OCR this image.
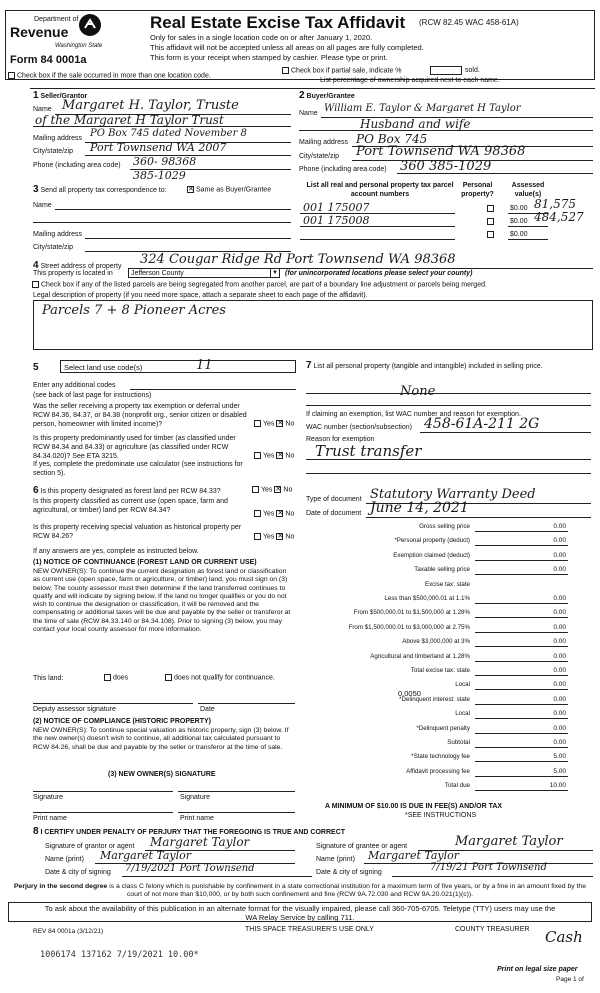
Department of
Revenue
Washington State
Form 84 0001a
Real Estate Excise Tax Affidavit (RCW 82.45 WAC 458-61A)
Only for sales in a single location code on or after January 1, 2020.
This affidavit will not be accepted unless all areas on all pages are fully completed.
This form is your receipt when stamped by cashier. Please type or print.
Check box if the sale occurred in more than one location code.
Check box if partial sale, indicate %	sold.
List percentage of ownership acquired next to each name.
1 Seller/Grantor
Name Margaret H. Taylor, Truste
of the Margaret H Taylor Trust
Mailing address PO Box 745 dated November 8
City/state/zip Port Townsend WA 2007
Phone (including area code) 360- 98368
385-1029
2 Buyer/Grantee
Name William E. Taylor & Margaret H Taylor
Husband and wife
Mailing address PO Box 745
City/state/zip Port Townsend WA 98368
Phone (including area code) 360 385-1029
3 Send all property tax correspondence to: ✕	Same as Buyer/Grantee
Name
Mailing address
City/state/zip
List all real and personal property tax parcel account numbers
Personal property?
Assessed value(s)
001 175007	$0.00 81,575
001 175008	$0.00 484,527
$0.00
4 Street address of property 324 Cougar Ridge Rd Port Townsend WA 98368
This property is located in	Jefferson County	▼ (for unincorporated locations please select your county)
Check box if any of the listed parcels are being segregated from another parcel, are part of a boundary line adjustment or parcels being merged.
Legal description of property (if you need more space, attach a separate sheet to each page of the affidavit).
Parcels 7 + 8 Pioneer Acres
5	Select land use code(s)	11
Enter any additional codes
(see back of last page for instructions)
Was the seller receiving a property tax exemption or deferral under RCW 84.36, 84.37, or 84.38 (nonprofit org., senior citizen or disabled person, homeowner with limited income)?	Yes ✕ No
Is this property predominantly used for timber (as classified under RCW 84.34 and 84.33) or agriculture (as classified under RCW 84.34.020)? See ETA 3215.	Yes ✕ No
If yes, complete the predominate use calculator (see instructions for section 5).
6 Is this property designated as forest land per RCW 84.33?	Yes ✕ No
Is this property classified as current use (open space, farm and agricultural, or timber) land per RCW 84.34?
Yes ✕ No
Is this property receiving special valuation as historical property per RCW 84.26?	Yes ✕ No
If any answers are yes, complete as instructed below.
(1) NOTICE OF CONTINUANCE (FOREST LAND OR CURRENT USE)
NEW OWNER(S): To continue the current designation as forest land or classification as current use (open space, farm or agriculture, or timber) land, you must sign on (3) below. The county assessor must then determine if the land transferred continues to qualify and will indicate by signing below. If the land no longer qualifies or you do not wish to continue the designation or classification, it will be removed and the compensating or additional taxes will be due and payable by the seller or transferor at the time of sale (RCW 84.33.140 or 84.34.108). Prior to signing (3) below, you may contact your local county assessor for more information.
This land:	does	does not qualify for continuance.
Deputy assessor signature	Date
(2) NOTICE OF COMPLIANCE (HISTORIC PROPERTY)
NEW OWNER(S): To continue special valuation as historic property, sign (3) below. If the new owner(s) doesn't wish to continue, all additional tax calculated pursuant to RCW 84.26, shall be due and payable by the seller or transferor at the time of sale.
(3) NEW OWNER(S) SIGNATURE
Signature	Signature
Print name	Print name
7 List all personal property (tangible and intangible) included in selling price.
None
If claiming an exemption, list WAC number and reason for exemption.
WAC number (section/subsection) 458-61A-211 2G
Reason for exemption
Trust transfer
Type of document Statutory Warranty Deed
Date of document June 14, 2021
Gross selling price	0.00
*Personal property (deduct)	0.00
Exemption claimed (deduct)	0.00
Taxable selling price	0.00
Excise tax: state
Less than $500,000.01 at 1.1%	0.00
From $500,000.01 to $1,500,000 at 1.28%	0.00
From $1,500,000.01 to $3,000,000 at 2.75%	0.00
Above $3,000,000 at 3%	0.00
Agricultural and timberland at 1.28%	0.00
Total excise tax: state	0.00
Local	0.00
*Delinquent interest: state	0.00
Local	0.00
*Delinquent penalty	0.00
Subtotal	0.00
*State technology fee	5.00
Affidavit processing fee	5.00
Total due	10.00
0.0050
A MINIMUM OF $10.00 IS DUE IN FEE(S) AND/OR TAX
*SEE INSTRUCTIONS
8 I CERTIFY UNDER PENALTY OF PERJURY THAT THE FOREGOING IS TRUE AND CORRECT
Signature of grantor or agent Margaret Taylor
Name (print) Margaret Taylor
Date & city of signing 7/19/2021 Port Townsend
Signature of grantee or agent	Margaret Taylor
Name (print) Margaret Taylor
Date & city of signing	7/19/21 Port Townsend
Perjury in the second degree is a class C felony which is punishable by confinement in a state correctional institution for a maximum term of five years, or by a fine in an amount fixed by the court of not more than $10,000, or by both such confinement and fine (RCW 9A.72.030 and RCW 9A.20.021(1)(c)).
To ask about the availability of this publication in an alternate format for the visually impaired, please call 360-705-6705. Teletype (TTY) users may use the WA Relay Service by calling 711.
REV 84 0001a (3/12/21)	THIS SPACE TREASURER'S USE ONLY	COUNTY TREASURER Cash
1006174 137162 7/19/2021 10.00*
Print on legal size paper
Page 1 of
